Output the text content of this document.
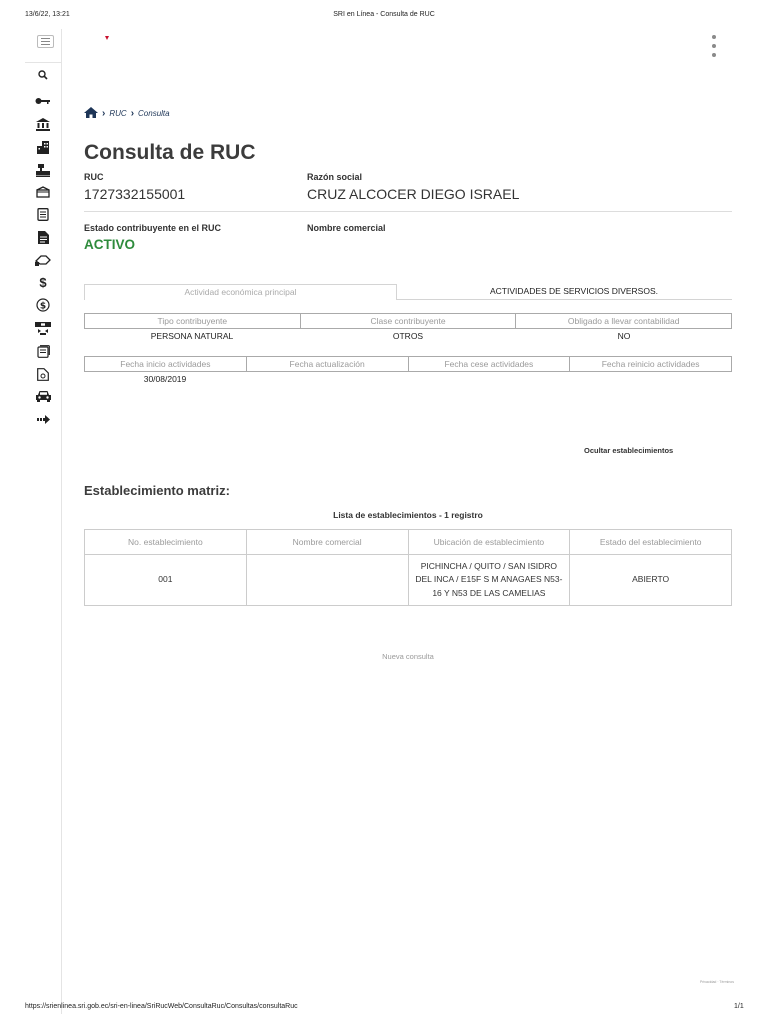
13/6/22, 13:21	SRI en Línea - Consulta de RUC
$
$
› RUC › Consulta
Consulta de RUC
RUC
1727332155001
Razón social
CRUZ ALCOCER DIEGO ISRAEL
Estado contribuyente en el RUC
ACTIVO
Nombre comercial
Actividad económica principal	ACTIVIDADES DE SERVICIOS DIVERSOS.
Tipo contribuyente	Clase contribuyente	Obligado a llevar contabilidad
PERSONA NATURAL	OTROS	NO
Fecha inicio actividades	Fecha actualización	Fecha cese actividades	Fecha reinicio actividades
30/08/2019
Ocultar establecimientos
Establecimiento matriz:
Lista de establecimientos - 1 registro
No. establecimiento	Nombre comercial	Ubicación de establecimiento	Estado del establecimiento
001		PICHINCHA / QUITO / SAN ISIDRO DEL INCA / E15F S M ANAGAES N53-16 Y N53 DE LAS CAMELIAS	ABIERTO
Nueva consulta
Privacidad · Términos
https://srienlinea.sri.gob.ec/sri-en-linea/SriRucWeb/ConsultaRuc/Consultas/consultaRuc	1/1
